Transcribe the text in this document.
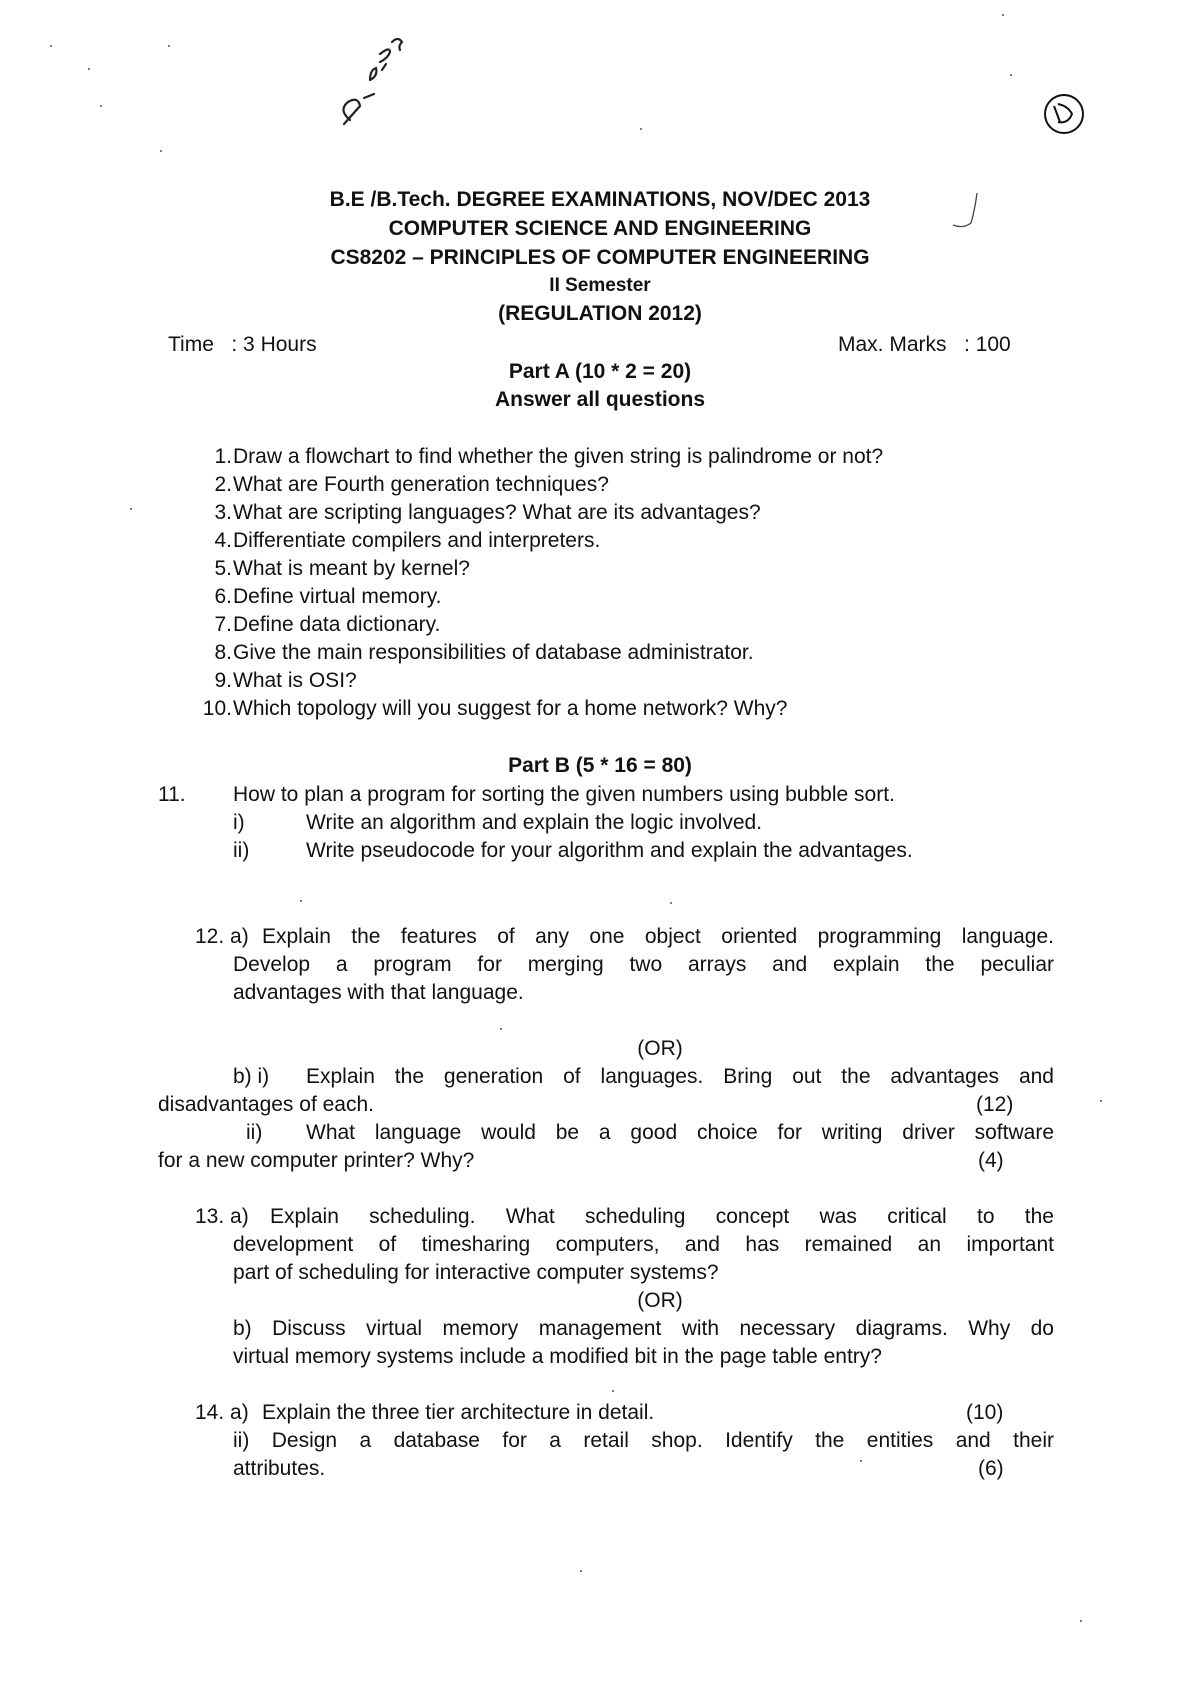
9/11/13
10
B.E /B.Tech. DEGREE EXAMINATIONS, NOV/DEC 2013
COMPUTER SCIENCE AND ENGINEERING
CS8202 – PRINCIPLES OF COMPUTER ENGINEERING
II Semester
(REGULATION 2012)
Time   : 3 Hours	Max. Marks   : 100
Part A (10 * 2 = 20)
Answer all questions
1. Draw a flowchart to find whether the given string is palindrome or not?
2. What are Fourth generation techniques?
3. What are scripting languages? What are its advantages?
4. Differentiate compilers and interpreters.
5. What is meant by kernel?
6. Define virtual memory.
7. Define data dictionary.
8. Give the main responsibilities of database administrator.
9. What is OSI?
10. Which topology will you suggest for a home network? Why?
Part B (5 * 16 = 80)
11. How to plan a program for sorting the given numbers using bubble sort.
i)	Write an algorithm and explain the logic involved.
ii)	Write pseudocode for your algorithm and explain the advantages.
12. a) Explain the features of any one object oriented programming language.
Develop a program for merging two arrays and explain the peculiar
advantages with that language.
(OR)
b) i) Explain the generation of languages. Bring out the advantages and
disadvantages of each.	(12)
ii) What language would be a good choice for writing driver software
for a new computer printer? Why?	(4)
13. a) Explain scheduling. What scheduling concept was critical to the
development of timesharing computers, and has remained an important
part of scheduling for interactive computer systems?
(OR)
b) Discuss virtual memory management with necessary diagrams. Why do
virtual memory systems include a modified bit in the page table entry?
14. a) Explain the three tier architecture in detail.	(10)
ii) Design a database for a retail shop. Identify the entities and their
attributes.	(6)
